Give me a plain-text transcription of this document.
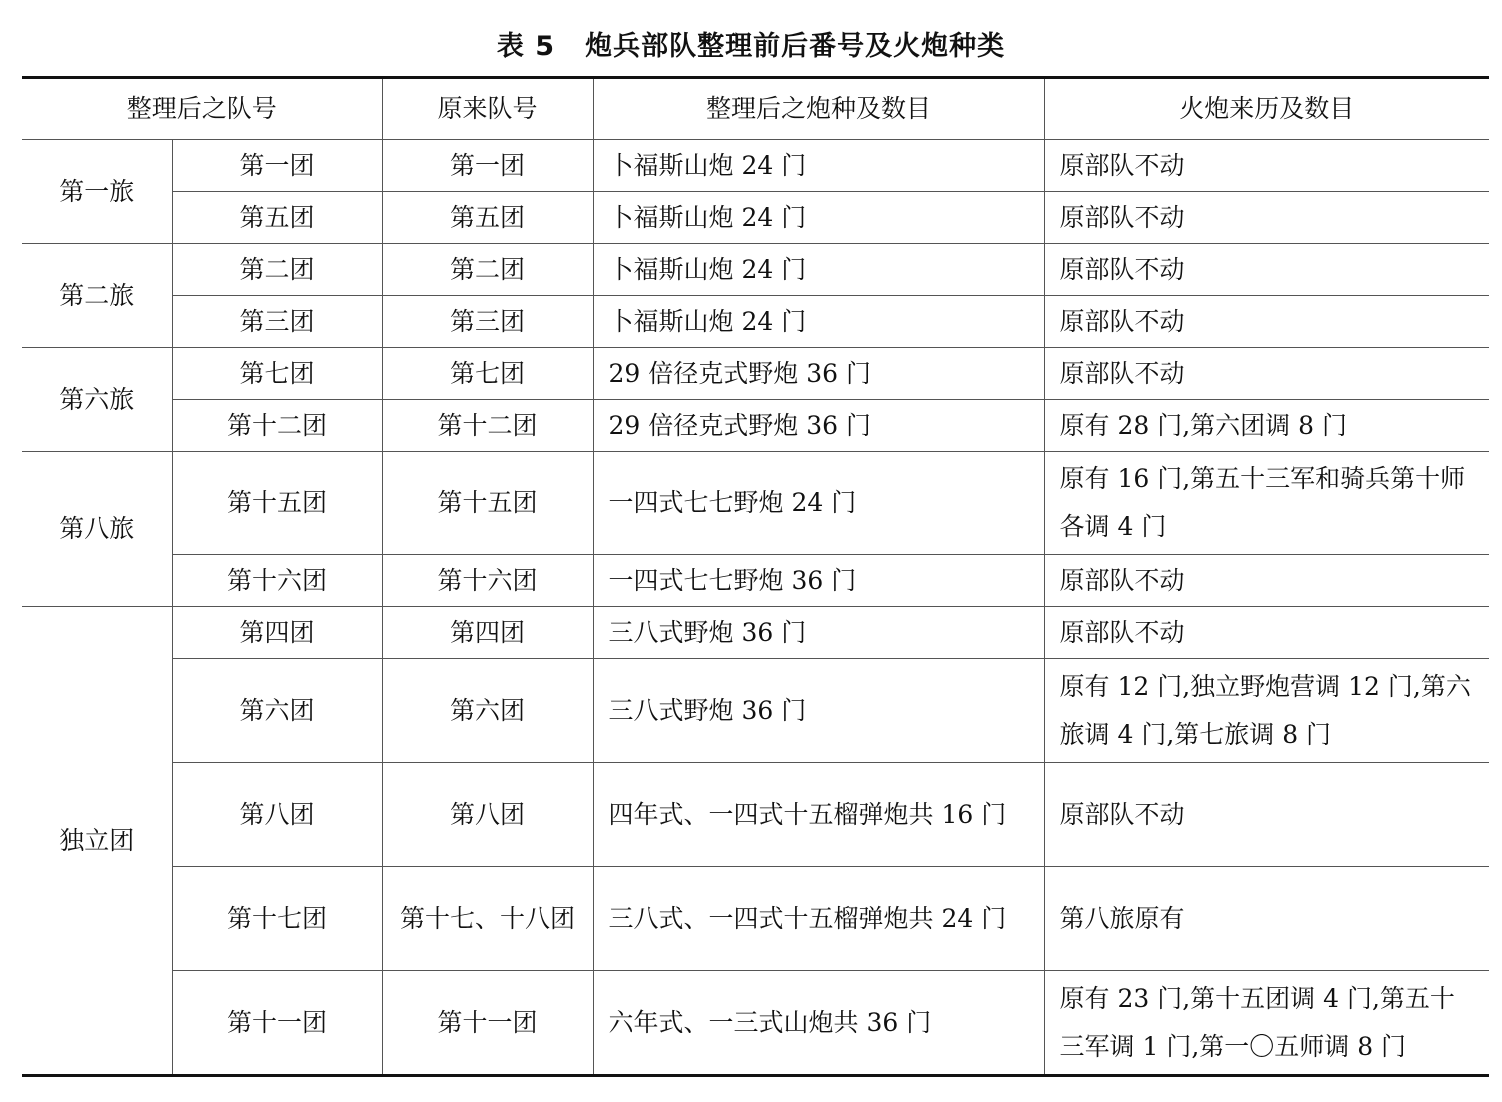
表 5 炮兵部队整理前后番号及火炮种类
整理后之队号		原来队号	整理后之炮种及数目	火炮来历及数目
第一旅	第一团	第一团	卜福斯山炮 24 门	原部队不动
	第五团	第五团	卜福斯山炮 24 门	原部队不动
第二旅	第二团	第二团	卜福斯山炮 24 门	原部队不动
	第三团	第三团	卜福斯山炮 24 门	原部队不动
第六旅	第七团	第七团	29 倍径克式野炮 36 门	原部队不动
	第十二团	第十二团	29 倍径克式野炮 36 门	原有 28 门,第六团调 8 门
第八旅	第十五团	第十五团	一四式七七野炮 24 门	原有 16 门,第五十三军和骑兵第十师各调 4 门
	第十六团	第十六团	一四式七七野炮 36 门	原部队不动
独立团	第四团	第四团	三八式野炮 36 门	原部队不动
	第六团	第六团	三八式野炮 36 门	原有 12 门,独立野炮营调 12 门,第六旅调 4 门,第七旅调 8 门
	第八团	第八团	四年式、一四式十五榴弹炮共 16 门	原部队不动
	第十七团	第十七、十八团	三八式、一四式十五榴弹炮共 24 门	第八旅原有
	第十一团	第十一团	六年式、一三式山炮共 36 门	原有 23 门,第十五团调 4 门,第五十三军调 1 门,第一〇五师调 8 门
